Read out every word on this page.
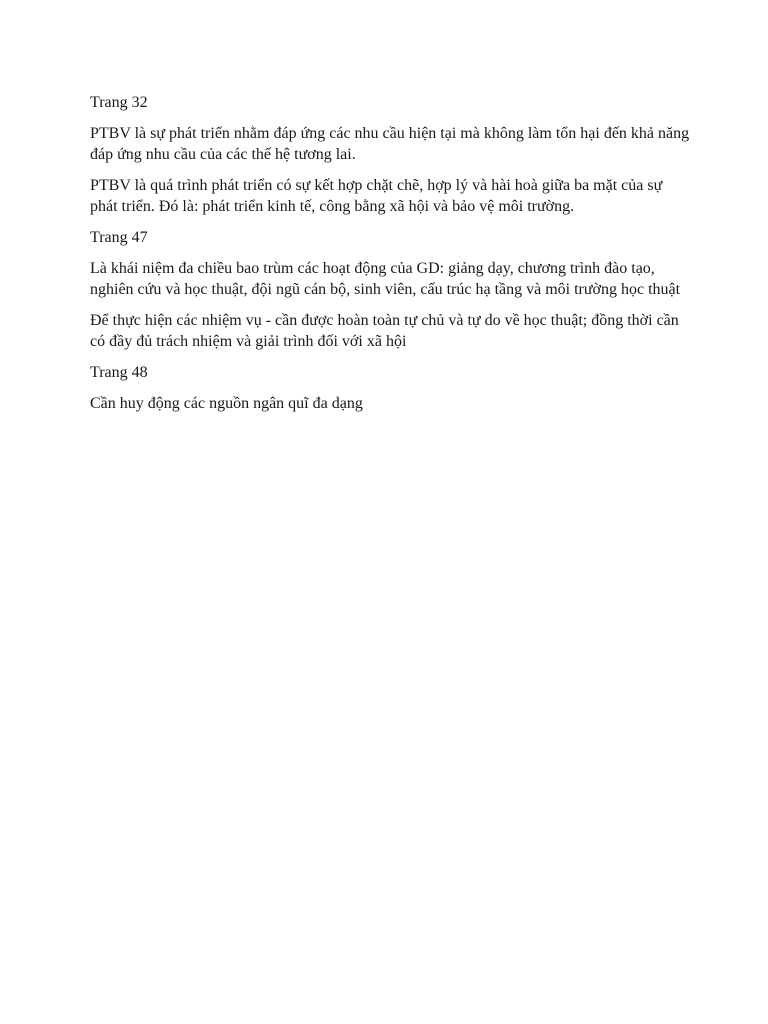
Trang 32

PTBV là sự phát triển nhằm đáp ứng các nhu cầu hiện tại mà không làm tổn hại đến khả năng đáp ứng nhu cầu của các thế hệ tương lai.

PTBV là quá trình phát triển có sự kết hợp chặt chẽ, hợp lý và hài hoà giữa ba mặt của sự phát triển. Đó là: phát triển kinh tế, công bằng xã hội và bảo vệ môi trường.

Trang 47

Là khái niệm đa chiều bao trùm các hoạt động của GD: giảng dạy, chương trình đào tạo, nghiên cứu và học thuật, đội ngũ cán bộ, sinh viên, cấu trúc hạ tầng và môi trường học thuật

Để thực hiện các nhiệm vụ - cần được hoàn toàn tự chủ và tự do về học thuật; đồng thời cần có đầy đủ trách nhiệm và giải trình đối với xã hội

Trang 48

Cần huy động các nguồn ngân quĩ đa dạng
